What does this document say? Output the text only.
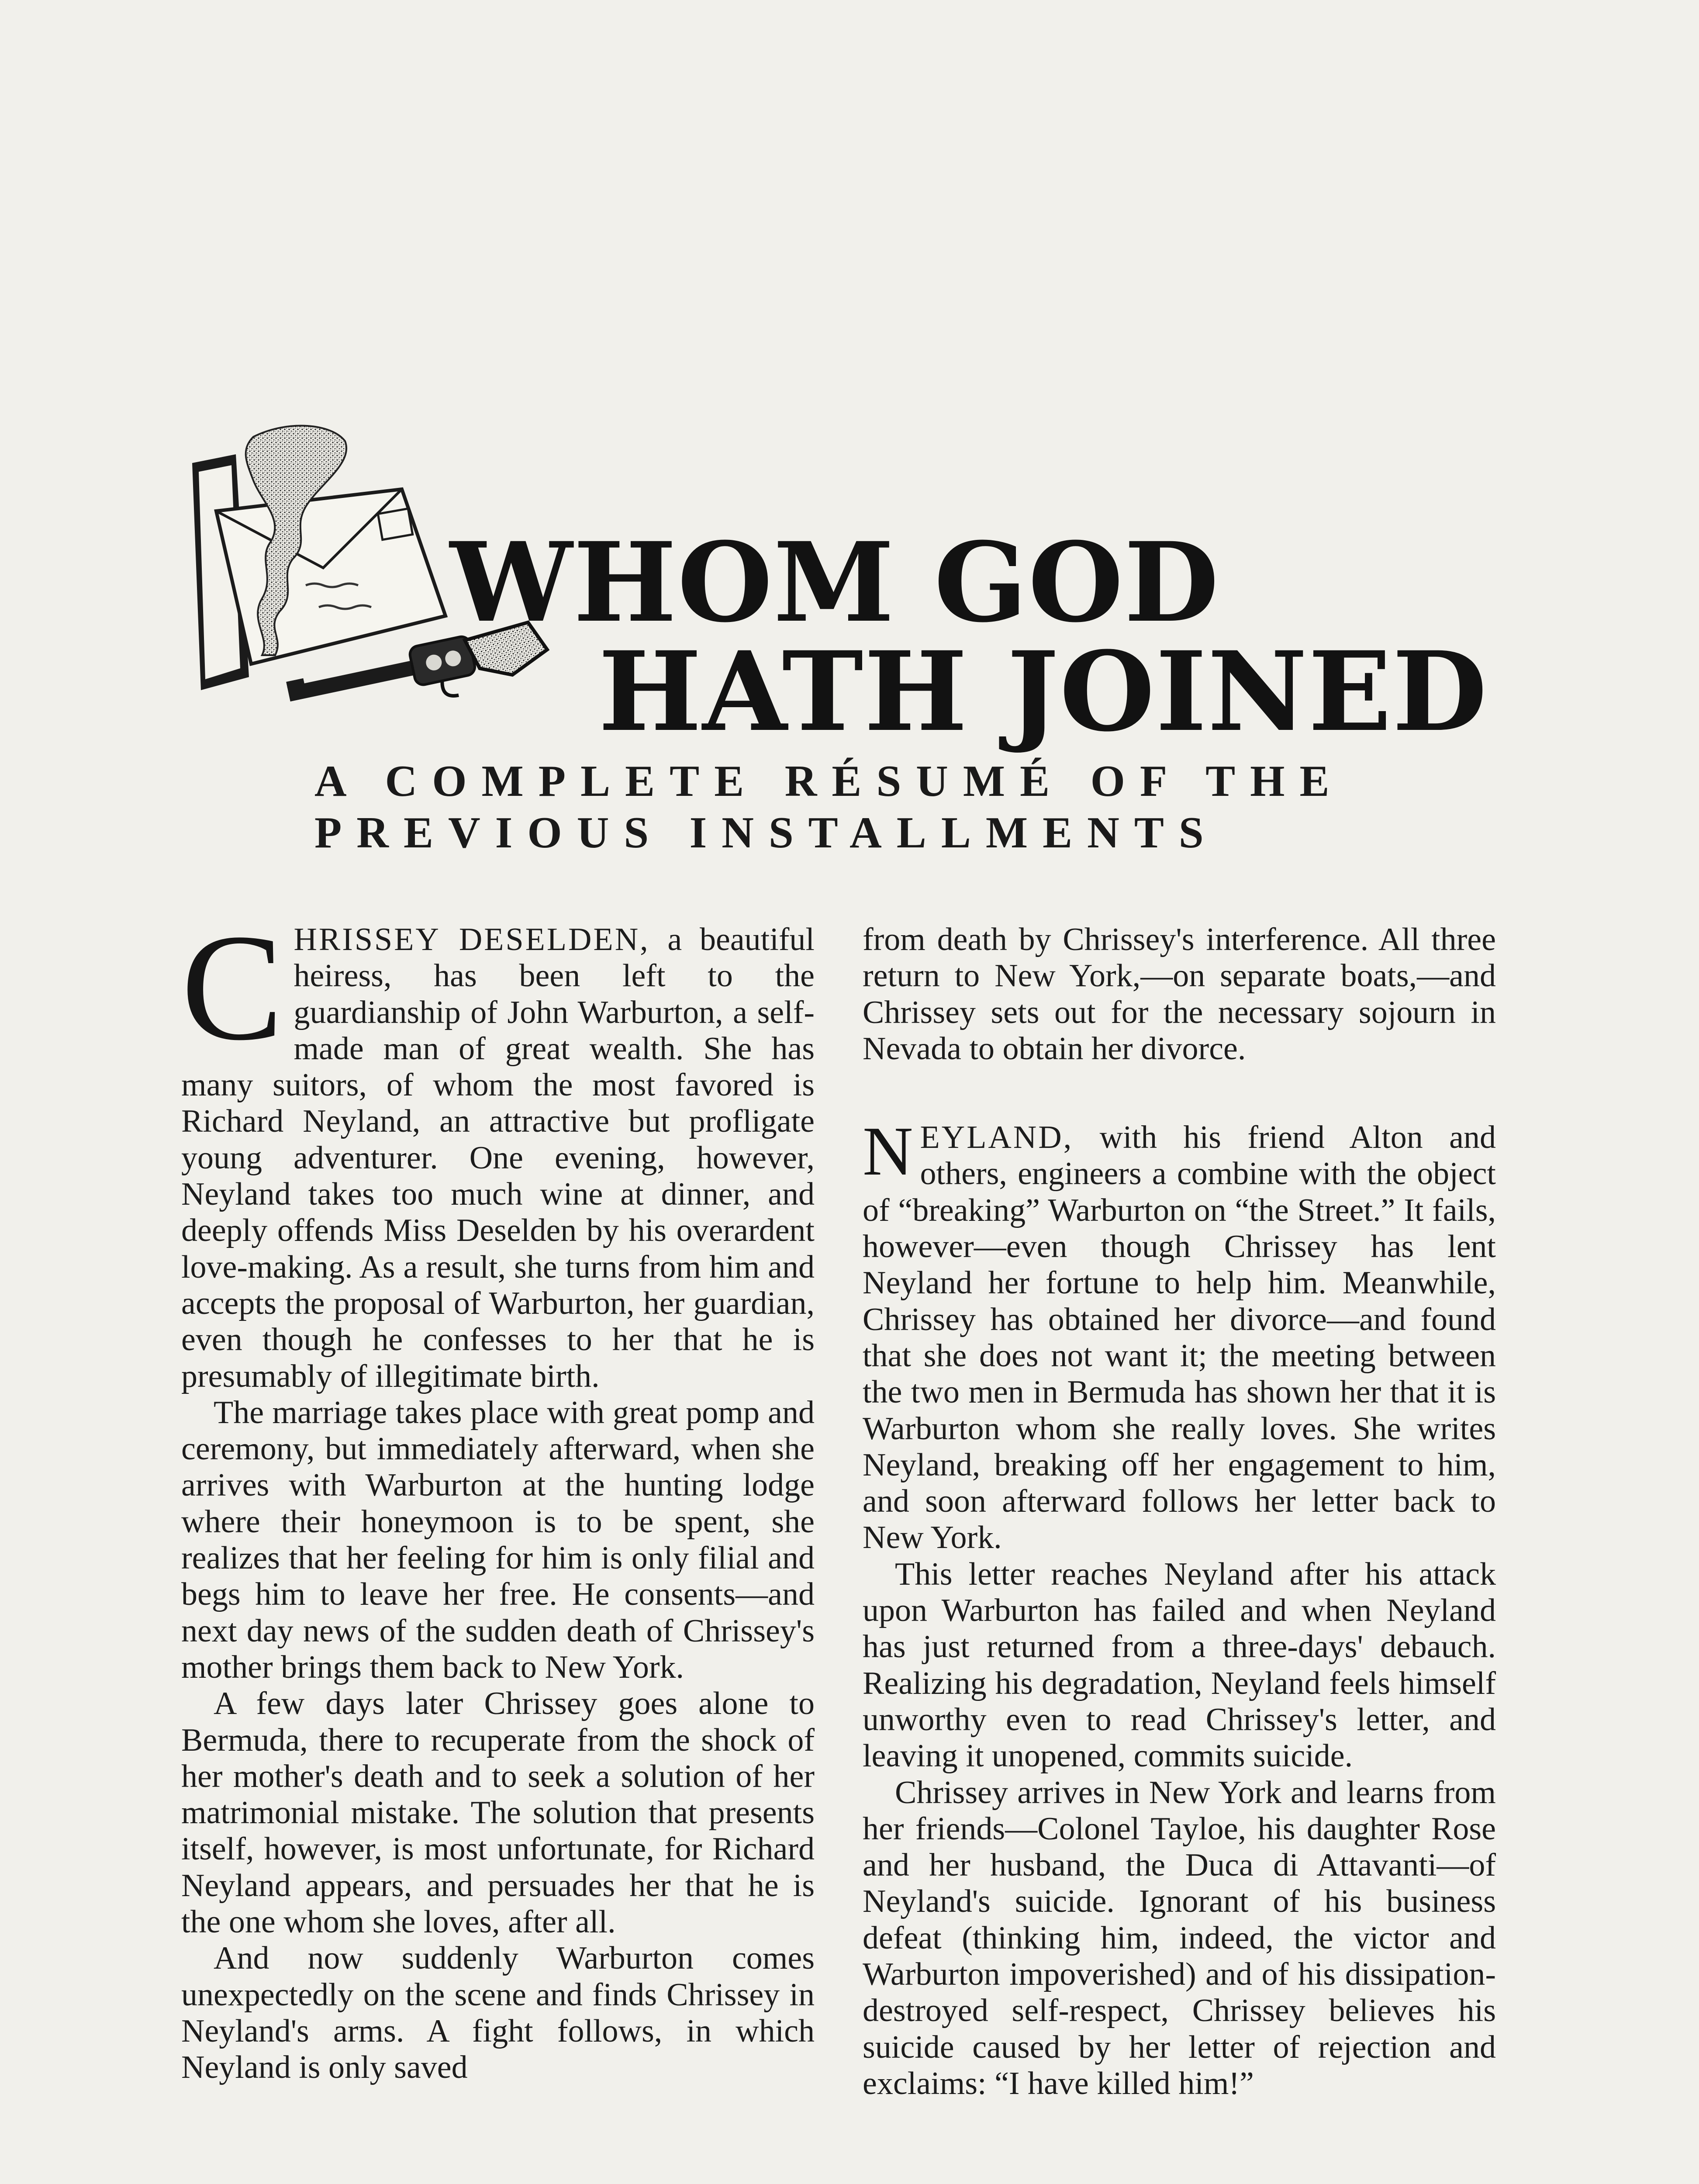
WHOM GOD
HATH JOINED
A COMPLETE RÉSUMÉ OF THE
PREVIOUS INSTALLMENTS

CHRISSEY DESELDEN, a beautiful heiress, has been left to the guardianship of John Warburton, a self-made man of great wealth. She has many suitors, of whom the most favored is Richard Neyland, an attractive but profligate young adventurer. One evening, however, Neyland takes too much wine at dinner, and deeply offends Miss Deselden by his overardent love-making. As a result, she turns from him and accepts the proposal of Warburton, her guardian, even though he confesses to her that he is presumably of illegitimate birth.

The marriage takes place with great pomp and ceremony, but immediately afterward, when she arrives with Warburton at the hunting lodge where their honeymoon is to be spent, she realizes that her feeling for him is only filial and begs him to leave her free. He consents—and next day news of the sudden death of Chrissey's mother brings them back to New York.

A few days later Chrissey goes alone to Bermuda, there to recuperate from the shock of her mother's death and to seek a solution of her matrimonial mistake. The solution that presents itself, however, is most unfortunate, for Richard Neyland appears, and persuades her that he is the one whom she loves, after all.

And now suddenly Warburton comes unexpectedly on the scene and finds Chrissey in Neyland's arms. A fight follows, in which Neyland is only saved

from death by Chrissey's interference. All three return to New York,—on separate boats,—and Chrissey sets out for the necessary sojourn in Nevada to obtain her divorce.

NEYLAND, with his friend Alton and others, engineers a combine with the object of “breaking” Warburton on “the Street.” It fails, however—even though Chrissey has lent Neyland her fortune to help him. Meanwhile, Chrissey has obtained her divorce—and found that she does not want it; the meeting between the two men in Bermuda has shown her that it is Warburton whom she really loves. She writes Neyland, breaking off her engagement to him, and soon afterward follows her letter back to New York.

This letter reaches Neyland after his attack upon Warburton has failed and when Neyland has just returned from a three-days' debauch. Realizing his degradation, Neyland feels himself unworthy even to read Chrissey's letter, and leaving it unopened, commits suicide.

Chrissey arrives in New York and learns from her friends—Colonel Tayloe, his daughter Rose and her husband, the Duca di Attavanti—of Neyland's suicide. Ignorant of his business defeat (thinking him, indeed, the victor and Warburton impoverished) and of his dissipation-destroyed self-respect, Chrissey believes his suicide caused by her letter of rejection and exclaims: “I have killed him!”
